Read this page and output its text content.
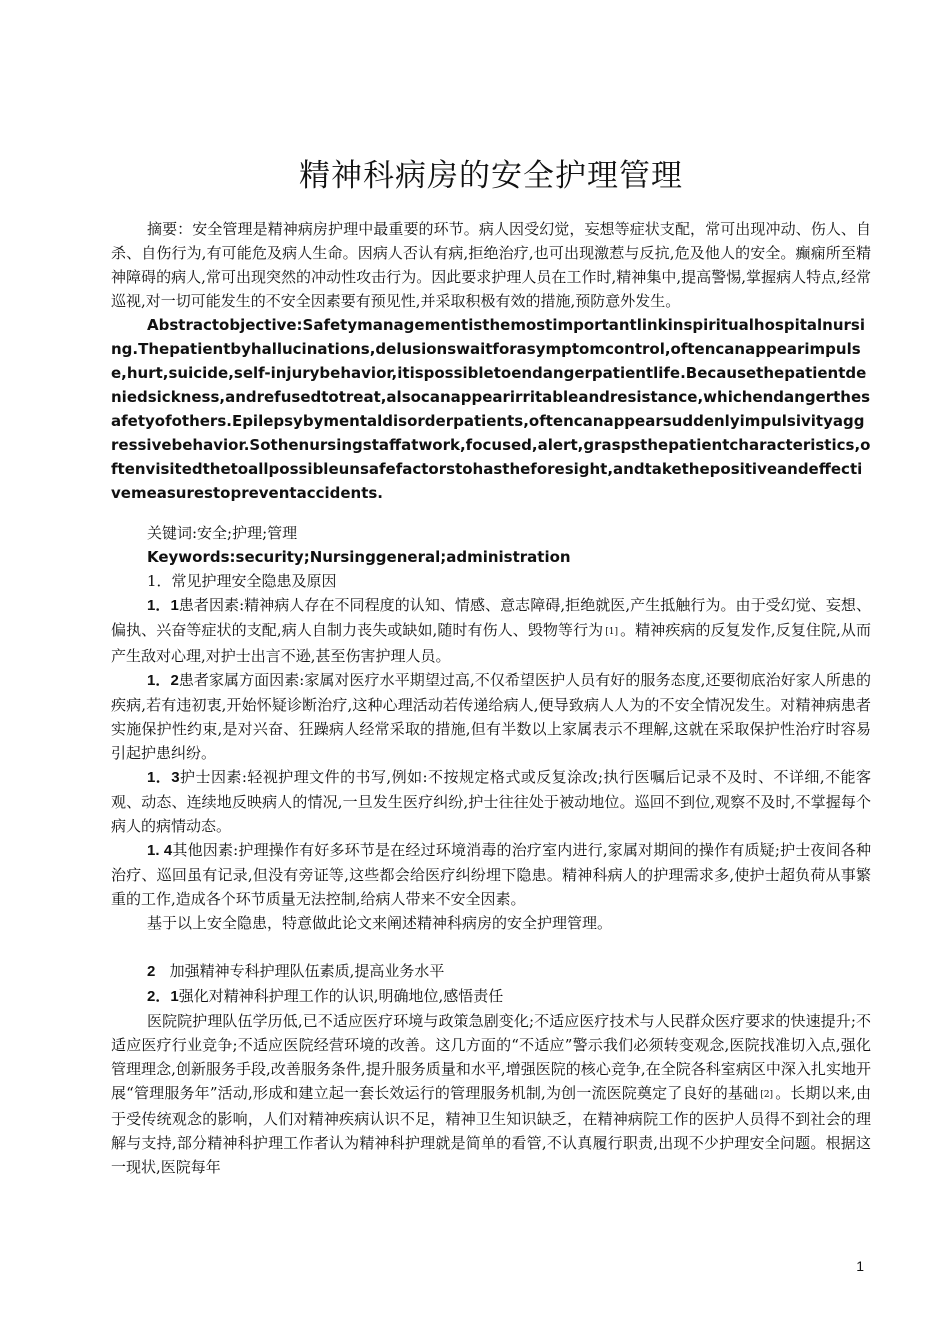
精神科病房的安全护理管理

摘要：安全管理是精神病房护理中最重要的环节。病人因受幻觉，妄想等症状支配，常可出现冲动、伤人、自杀、自伤行为,有可能危及病人生命。因病人否认有病,拒绝治疗,也可出现激惹与反抗,危及他人的安全。癫痫所至精神障碍的病人,常可出现突然的冲动性攻击行为。因此要求护理人员在工作时,精神集中,提高警惕,掌握病人特点,经常巡视,对一切可能发生的不安全因素要有预见性,并采取积极有效的措施,预防意外发生。

Abstractobjective:Safetymanagementisthemostimportantlinkinspiritualhospitalnursing.Thepatientbyhallucinations,delusionswaitforasymptomcontrol,oftencanappearimpulse,hurt,suicide,self-injurybehavior,itispossibletoendangerpatientlife.Becausethepatientdeniedsickness,andrefusedtotreat,alsocanappearirritableandresistance,whichendangerthesafetyofothers.Epilepsybymentaldisorderpatients,oftencanappearsuddenlyimpulsivityaggressivebehavior.Sothenursingstaffatwork,focused,alert,graspsthepatientcharacteristics,oftenvisitedthetoallpossibleunsafefactorstohastheforesight,andtakethepositiveandeffectivemeasurestopreventaccidents.

关键词:安全;护理;管理

Keywords:security;Nursinggeneral;administration

1．常见护理安全隐患及原因

1．1患者因素:精神病人存在不同程度的认知、情感、意志障碍,拒绝就医,产生抵触行为。由于受幻觉、妄想、偏执、兴奋等症状的支配,病人自制力丧失或缺如,随时有伤人、毁物等行为 [1] 。精神疾病的反复发作,反复住院,从而产生敌对心理,对护士出言不逊,甚至伤害护理人员。

1．2患者家属方面因素:家属对医疗水平期望过高,不仅希望医护人员有好的服务态度,还要彻底治好家人所患的疾病,若有违初衷,开始怀疑诊断治疗,这种心理活动若传递给病人,便导致病人人为的不安全情况发生。对精神病患者实施保护性约束,是对兴奋、狂躁病人经常采取的措施,但有半数以上家属表示不理解,这就在采取保护性治疗时容易引起护患纠纷。

1．3护士因素:轻视护理文件的书写,例如:不按规定格式或反复涂改;执行医嘱后记录不及时、不详细,不能客观、动态、连续地反映病人的情况,一旦发生医疗纠纷,护士往往处于被动地位。巡回不到位,观察不及时,不掌握每个病人的病情动态。

1. 4其他因素:护理操作有好多环节是在经过环境消毒的治疗室内进行,家属对期间的操作有质疑;护士夜间各种治疗、巡回虽有记录,但没有旁证等,这些都会给医疗纠纷埋下隐患。精神科病人的护理需求多,使护士超负荷从事繁重的工作,造成各个环节质量无法控制,给病人带来不安全因素。

基于以上安全隐患，特意做此论文来阐述精神科病房的安全护理管理。

2 加强精神专科护理队伍素质,提高业务水平

2．1强化对精神科护理工作的认识,明确地位,感悟责任

医院院护理队伍学历低,已不适应医疗环境与政策急剧变化;不适应医疗技术与人民群众医疗要求的快速提升;不适应医疗行业竞争;不适应医院经营环境的改善。这几方面的“不适应”警示我们必须转变观念,医院找准切入点,强化管理理念,创新服务手段,改善服务条件,提升服务质量和水平,增强医院的核心竞争,在全院各科室病区中深入扎实地开展“管理服务年”活动,形成和建立起一套长效运行的管理服务机制,为创一流医院奠定了良好的基础 [2] 。长期以来,由于受传统观念的影响，人们对精神疾病认识不足，精神卫生知识缺乏，在精神病院工作的医护人员得不到社会的理解与支持,部分精神科护理工作者认为精神科护理就是简单的看管,不认真履行职责,出现不少护理安全问题。根据这一现状,医院每年

1
